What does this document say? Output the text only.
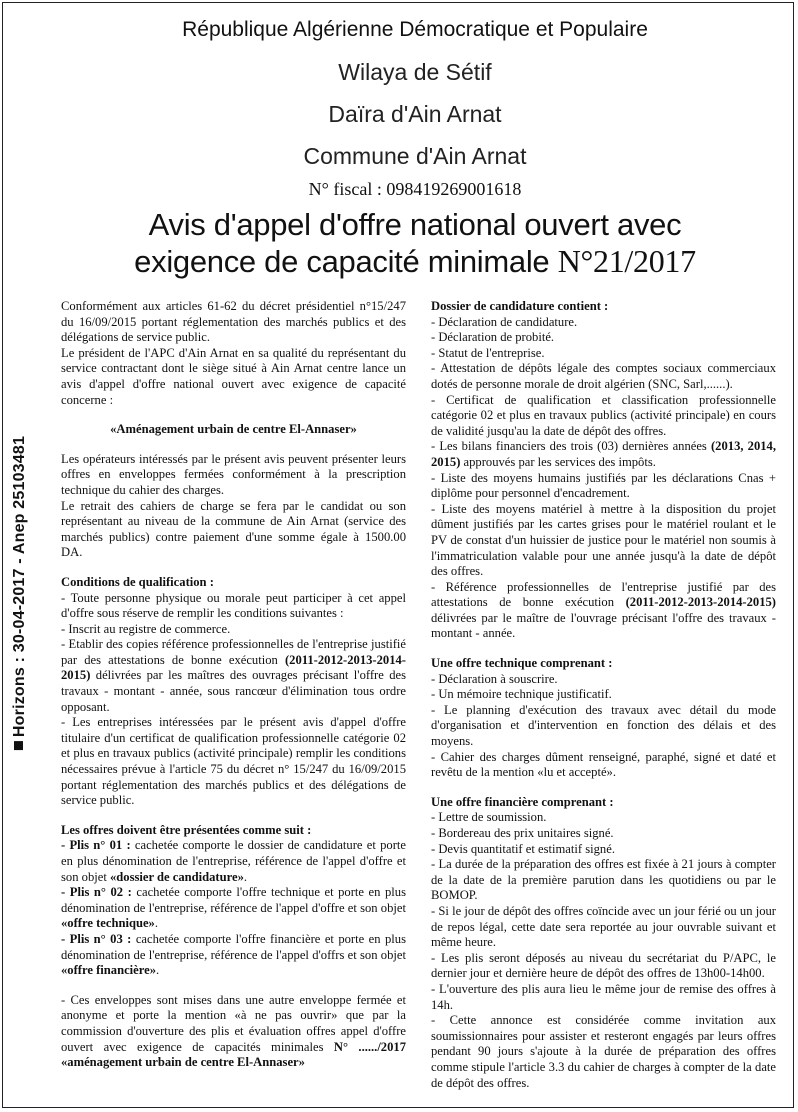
Horizons : 30-04-2017 - Anep 25103481
République Algérienne Démocratique et Populaire
Wilaya de Sétif
Daïra d'Ain Arnat
Commune d'Ain Arnat
N° fiscal : 098419269001618
Avis d'appel d'offre national ouvert avec
exigence de capacité minimale N°21/2017

Conformément aux articles 61-62 du décret présidentiel n°15/247 du 16/09/2015 portant réglementation des marchés publics et des délégations de service public.

Le président de l'APC d'Ain Arnat en sa qualité du représentant du service contractant dont le siège situé à Ain Arnat centre lance un avis d'appel d'offre national ouvert avec exigence de capacité concerne :

«Aménagement urbain de centre El-Annaser»

Les opérateurs intéressés par le présent avis peuvent présenter leurs offres en enveloppes fermées conformément à la prescription technique du cahier des charges.

Le retrait des cahiers de charge se fera par le candidat ou son représentant au niveau de la commune de Ain Arnat (service des marchés publics) contre paiement d'une somme égale à 1500.00 DA.

Conditions de qualification :

- Toute personne physique ou morale peut participer à cet appel d'offre sous réserve de remplir les conditions suivantes :

- Inscrit au registre de commerce.

- Etablir des copies référence professionnelles de l'entreprise justifié par des attestations de bonne exécution (2011-2012-2013-2014-2015) délivrées par les maîtres des ouvrages précisant l'offre des travaux - montant - année, sous rancœur d'élimination tous ordre opposant.

- Les entreprises intéressées par le présent avis d'appel d'offre titulaire d'un certificat de qualification professionnelle catégorie 02 et plus en travaux publics (activité principale) remplir les conditions nécessaires prévue à l'article 75 du décret n° 15/247 du 16/09/2015 portant réglementation des marchés publics et des délégations de service public.

Les offres doivent être présentées comme suit :

- Plis n° 01 : cachetée comporte le dossier de candidature et porte en plus dénomination de l'entreprise, référence de l'appel d'offre et son objet «dossier de candidature».

- Plis n° 02 : cachetée comporte l'offre technique et porte en plus dénomination de l'entreprise, référence de l'appel d'offre et son objet «offre technique».

- Plis n° 03 : cachetée comporte l'offre financière et porte en plus dénomination de l'entreprise, référence de l'appel d'offrs et son objet «offre financière».

- Ces enveloppes sont mises dans une autre enveloppe fermée et anonyme et porte la mention «à ne pas ouvrir» que par la commission d'ouverture des plis et évaluation offres appel d'offre ouvert avec exigence de capacités minimales N° ....../2017 «aménagement urbain de centre El-Annaser»

Dossier de candidature contient :

- Déclaration de candidature.

- Déclaration de probité.

- Statut de l'entreprise.

- Attestation de dépôts légale des comptes sociaux commerciaux dotés de personne morale de droit algérien (SNC, Sarl,......).

- Certificat de qualification et classification professionnelle catégorie 02 et plus en travaux publics (activité principale) en cours de validité jusqu'au la date de dépôt des offres.

- Les bilans financiers des trois (03) dernières années (2013, 2014, 2015) approuvés par les services des impôts.

- Liste des moyens humains justifiés par les déclarations Cnas + diplôme pour personnel d'encadrement.

- Liste des moyens matériel à mettre à la disposition du projet dûment justifiés par les cartes grises pour le matériel roulant et le PV de constat d'un huissier de justice pour le matériel non soumis à l'immatriculation valable pour une année jusqu'à la date de dépôt des offres.

- Référence professionnelles de l'entreprise justifié par des attestations de bonne exécution (2011-2012-2013-2014-2015) délivrées par le maître de l'ouvrage précisant l'offre des travaux - montant - année.

Une offre technique comprenant :

- Déclaration à souscrire.

- Un mémoire technique justificatif.

- Le planning d'exécution des travaux avec détail du mode d'organisation et d'intervention en fonction des délais et des moyens.

- Cahier des charges dûment renseigné, paraphé, signé et daté et revêtu de la mention «lu et accepté».

Une offre financière comprenant :

- Lettre de soumission.

- Bordereau des prix unitaires signé.

- Devis quantitatif et estimatif signé.

- La durée de la préparation des offres est fixée à 21 jours à compter de la date de la première parution dans les quotidiens ou par le BOMOP.

- Si le jour de dépôt des offres coïncide avec un jour férié ou un jour de repos légal, cette date sera reportée au jour ouvrable suivant et même heure.

- Les plis seront déposés au niveau du secrétariat du P/APC, le dernier jour et dernière heure de dépôt des offres de 13h00-14h00.

- L'ouverture des plis aura lieu le même jour de remise des offres à 14h.

- Cette annonce est considérée comme invitation aux soumissionnaires pour assister et resteront engagés par leurs offres pendant 90 jours s'ajoute à la durée de préparation des offres comme stipule l'article 3.3 du cahier de charges à compter de la date de dépôt des offres.
